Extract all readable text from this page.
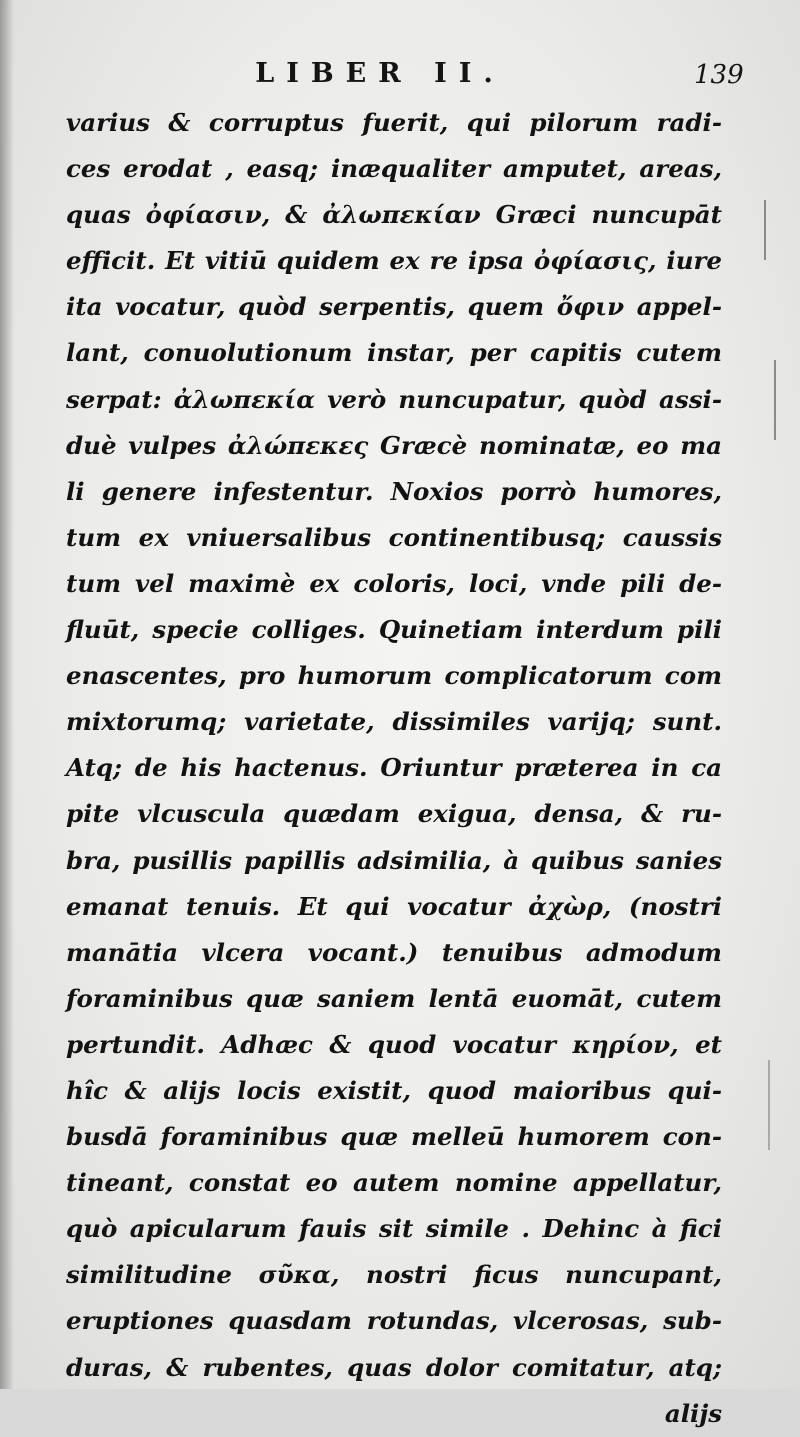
LIBER II.	139
varius & corruptus fuerit, qui pilorum radi-
ces erodat , easq; inæqualiter amputet, areas,
quas ὀφίασιν, & ἀλωπεκίαν Græci nuncupāt
efficit. Et vitiū quidem ex re ipsa ὀφίασις, iure
ita vocatur, quòd serpentis, quem ὄφιν appel-
lant, conuolutionum instar, per capitis cutem
serpat: ἀλωπεκία verò nuncupatur, quòd assi-
duè vulpes ἀλώπεκες Græcè nominatæ, eo ma
li genere infestentur. Noxios porrò humores,
tum ex vniuersalibus continentibusq; caussis
tum vel maximè ex coloris, loci, vnde pili de-
fluūt, specie colliges. Quinetiam interdum pili
enascentes, pro humorum complicatorum com
mixtorumq; varietate, dissimiles varijq; sunt.
Atq; de his hactenus. Oriuntur præterea in ca
pite vlcuscula quædam exigua, densa, & ru-
bra, pusillis papillis adsimilia, à quibus sanies
emanat tenuis. Et qui vocatur ἀχὼρ, (nostri
manātia vlcera vocant.) tenuibus admodum
foraminibus quæ saniem lentā euomāt, cutem
pertundit. Adhæc & quod vocatur κηρίον, et
hîc & alijs locis existit, quod maioribus qui-
busdā foraminibus quæ melleū humorem con-
tineant, constat eo autem nomine appellatur,
quò apicularum fauis sit simile . Dehinc à fici
similitudine σῦκα, nostri ficus nuncupant,
eruptiones quasdam rotundas, vlcerosas, sub-
duras, & rubentes, quas dolor comitatur, atq;
alijs
